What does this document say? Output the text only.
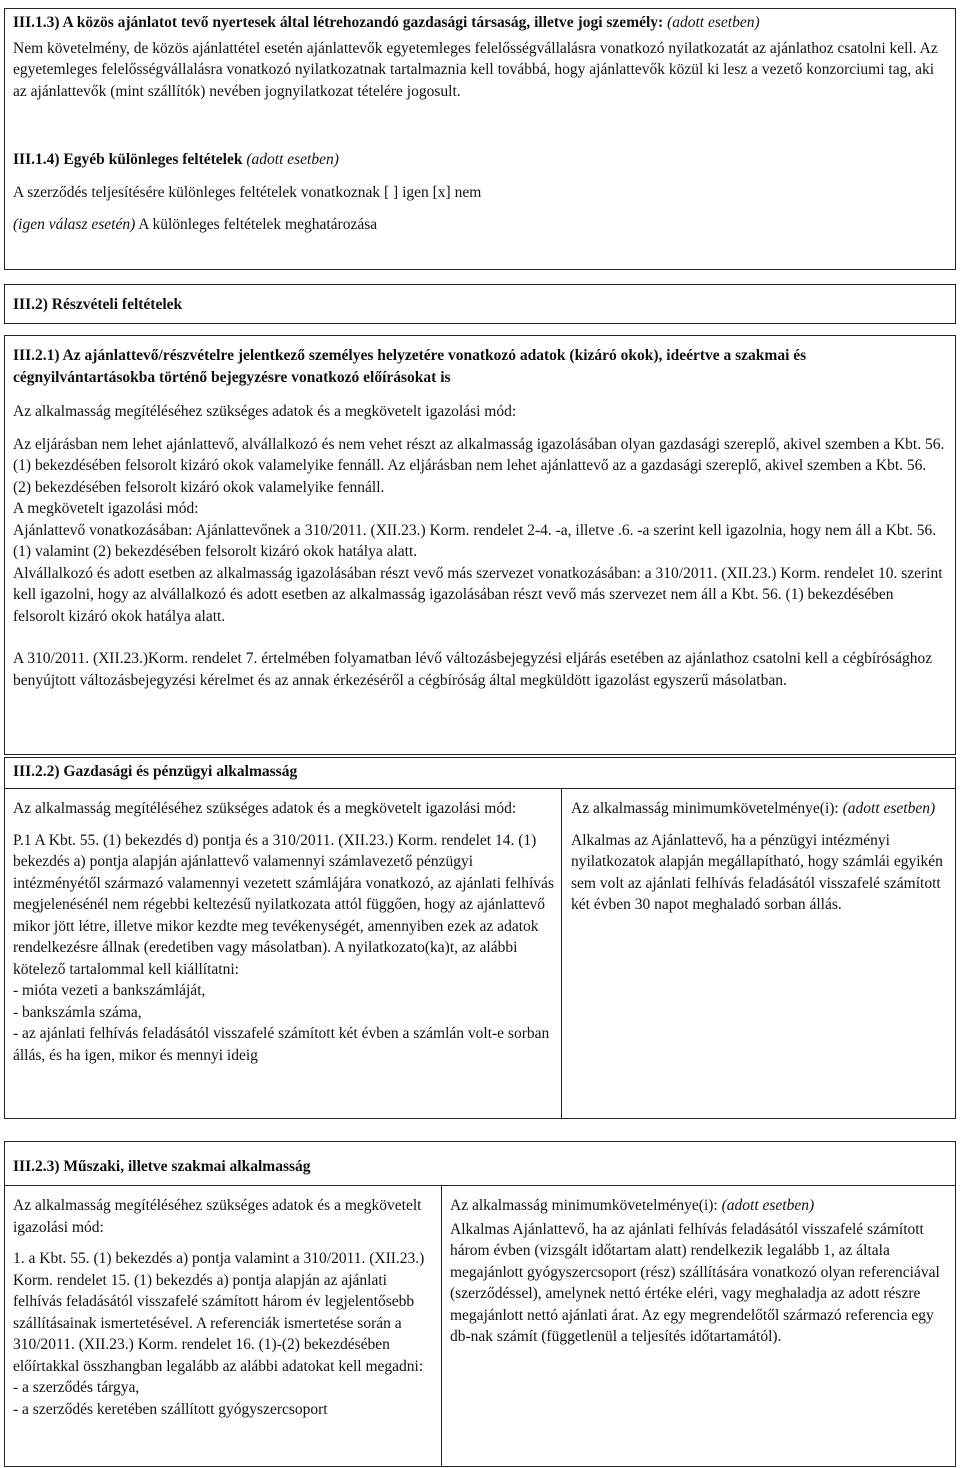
III.1.3) A közös ajánlatot tevő nyertesek által létrehozandó gazdasági társaság, illetve jogi személy: (adott esetben)

Nem követelmény, de közös ajánlattétel esetén ajánlattevők egyetemleges felelősségvállalásra vonatkozó nyilatkozatát az ajánlathoz csatolni kell. Az egyetemleges felelősségvállalásra vonatkozó nyilatkozatnak tartalmaznia kell továbbá, hogy ajánlattevők közül ki lesz a vezető konzorciumi tag, aki az ajánlattevők (mint szállítók) nevében jognyilatkozat tételére jogosult.

III.1.4) Egyéb különleges feltételek (adott esetben)

A szerződés teljesítésére különleges feltételek vonatkoznak [ ] igen [x] nem

(igen válasz esetén) A különleges feltételek meghatározása

III.2) Részvételi feltételek

III.2.1) Az ajánlattevő/részvételre jelentkező személyes helyzetére vonatkozó adatok (kizáró okok), ideértve a szakmai és cégnyilvántartásokba történő bejegyzésre vonatkozó előírásokat is

Az alkalmasság megítéléséhez szükséges adatok és a megkövetelt igazolási mód:

Az eljárásban nem lehet ajánlattevő, alvállalkozó és nem vehet részt az alkalmasság igazolásában olyan gazdasági szereplő, akivel szemben a Kbt. 56. (1) bekezdésében felsorolt kizáró okok valamelyike fennáll. Az eljárásban nem lehet ajánlattevő az a gazdasági szereplő, akivel szemben a Kbt. 56. (2) bekezdésében felsorolt kizáró okok valamelyike fennáll.

A megkövetelt igazolási mód:

Ajánlattevő vonatkozásában: Ajánlattevőnek a 310/2011. (XII.23.) Korm. rendelet 2-4. -a, illetve .6. -a szerint kell igazolnia, hogy nem áll a Kbt. 56. (1) valamint (2) bekezdésében felsorolt kizáró okok hatálya alatt.

Alvállalkozó és adott esetben az alkalmasság igazolásában részt vevő más szervezet vonatkozásában: a 310/2011. (XII.23.) Korm. rendelet 10. szerint kell igazolni, hogy az alvállalkozó és adott esetben az alkalmasság igazolásában részt vevő más szervezet nem áll a Kbt. 56. (1) bekezdésében felsorolt kizáró okok hatálya alatt.

A 310/2011. (XII.23.)Korm. rendelet 7. értelmében folyamatban lévő változásbejegyzési eljárás esetében az ajánlathoz csatolni kell a cégbírósághoz benyújtott változásbejegyzési kérelmet és az annak érkezéséről a cégbíróság által megküldött igazolást egyszerű másolatban.

III.2.2) Gazdasági és pénzügyi alkalmasság

Az alkalmasság megítéléséhez szükséges adatok és a megkövetelt igazolási mód:

P.1 A Kbt. 55. (1) bekezdés d) pontja és a 310/2011. (XII.23.) Korm. rendelet 14. (1) bekezdés a) pontja alapján ajánlattevő valamennyi számlavezető pénzügyi intézményétől származó valamennyi vezetett számlájára vonatkozó, az ajánlati felhívás megjelenésénél nem régebbi keltezésű nyilatkozata attól függően, hogy az ajánlattevő mikor jött létre, illetve mikor kezdte meg tevékenységét, amennyiben ezek az adatok rendelkezésre állnak (eredetiben vagy másolatban). A nyilatkozato(ka)t, az alábbi kötelező tartalommal kell kiállítatni:

- mióta vezeti a bankszámláját,

- bankszámla száma,

- az ajánlati felhívás feladásától visszafelé számított két évben a számlán volt-e sorban állás, és ha igen, mikor és mennyi ideig

Az alkalmasság minimumkövetelménye(i): (adott esetben)

Alkalmas az Ajánlattevő, ha a pénzügyi intézményi nyilatkozatok alapján megállapítható, hogy számlái egyikén sem volt az ajánlati felhívás feladásától visszafelé számított két évben 30 napot meghaladó sorban állás.

III.2.3) Műszaki, illetve szakmai alkalmasság

Az alkalmasság megítéléséhez szükséges adatok és a megkövetelt igazolási mód:

1. a Kbt. 55. (1) bekezdés a) pontja valamint a 310/2011. (XII.23.) Korm. rendelet 15. (1) bekezdés a) pontja alapján az ajánlati felhívás feladásától visszafelé számított három év legjelentősebb szállításainak ismertetésével. A referenciák ismertetése során a 310/2011. (XII.23.) Korm. rendelet 16. (1)-(2) bekezdésében előírtakkal összhangban legalább az alábbi adatokat kell megadni:

- a szerződés tárgya,

- a szerződés keretében szállított gyógyszercsoport

Az alkalmasság minimumkövetelménye(i): (adott esetben)

Alkalmas Ajánlattevő, ha az ajánlati felhívás feladásától visszafelé számított három évben (vizsgált időtartam alatt) rendelkezik legalább 1, az általa megajánlott gyógyszercsoport (rész) szállítására vonatkozó olyan referenciával (szerződéssel), amelynek nettó értéke eléri, vagy meghaladja az adott részre megajánlott nettó ajánlati árat. Az egy megrendelőtől származó referencia egy db-nak számít (függetlenül a teljesítés időtartamától).
